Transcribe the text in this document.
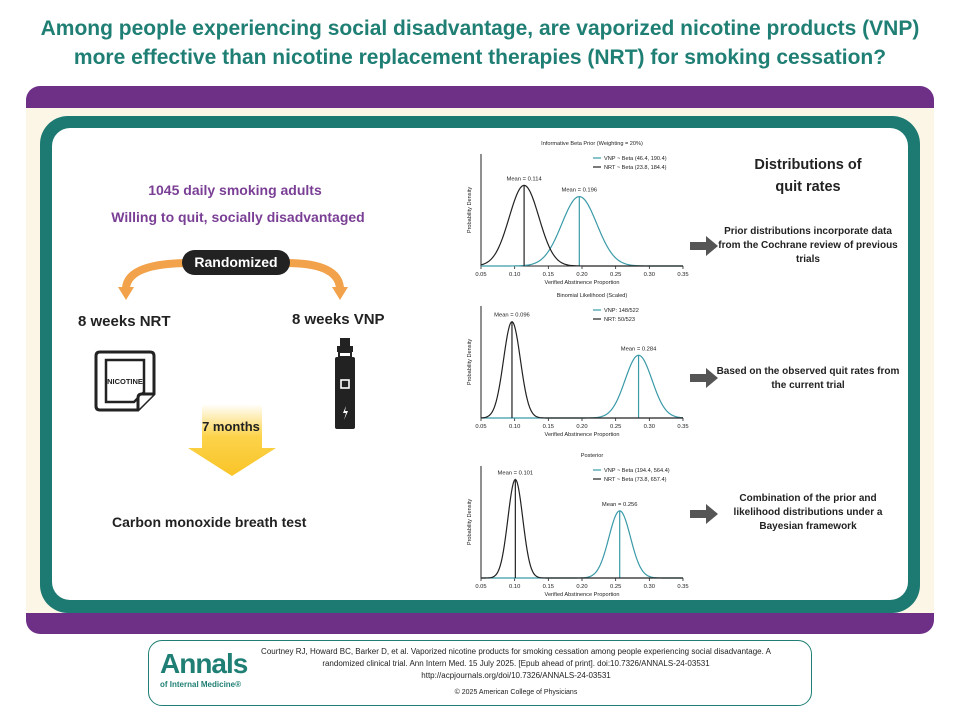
Among people experiencing social disadvantage, are vaporized nicotine products (VNP)
more effective than nicotine replacement therapies (NRT) for smoking cessation?
1045 daily smoking adults
Willing to quit, socially disadvantaged
Randomized
8 weeks NRT	8 weeks VNP
NICOTINE
7 months
Carbon monoxide breath test
Informative Beta Prior (Weighting = 20%)
0.05	0.10	0.15	0.20	0.25	0.30	0.35
Verified Abstinence Proportion
Probability Density
VNP ~ Beta (46.4, 190.4)
NRT ~ Beta (23.8, 184.4)
Mean = 0.196
Mean = 0.114
Binomial Likelihood (Scaled)
0.05	0.10	0.15	0.20	0.25	0.30	0.35
Verified Abstinence Proportion
Probability Density
VNP: 148/522
NRT: 50/523
Mean = 0.284
Mean = 0.096
Posterior
0.05	0.10	0.15	0.20	0.25	0.30	0.35
Verified Abstinence Proportion
Probability Density
VNP ~ Beta (194.4, 564.4)
NRT ~ Beta (73.8, 657.4)
Mean = 0.256
Mean = 0.101
Distributions of
quit rates
Prior distributions incorporate data from the Cochrane review of previous trials
Based on the observed quit rates from the current trial
Combination of the prior and likelihood distributions under a Bayesian framework
Annals
of Internal Medicine®
Courtney RJ, Howard BC, Barker D, et al. Vaporized nicotine products for smoking cessation among people experiencing social disadvantage. A
randomized clinical trial. Ann Intern Med. 15 July 2025. [Epub ahead of print]. doi:10.7326/ANNALS-24-03531
http://acpjournals.org/doi/10.7326/ANNALS-24-03531
© 2025 American College of Physicians
